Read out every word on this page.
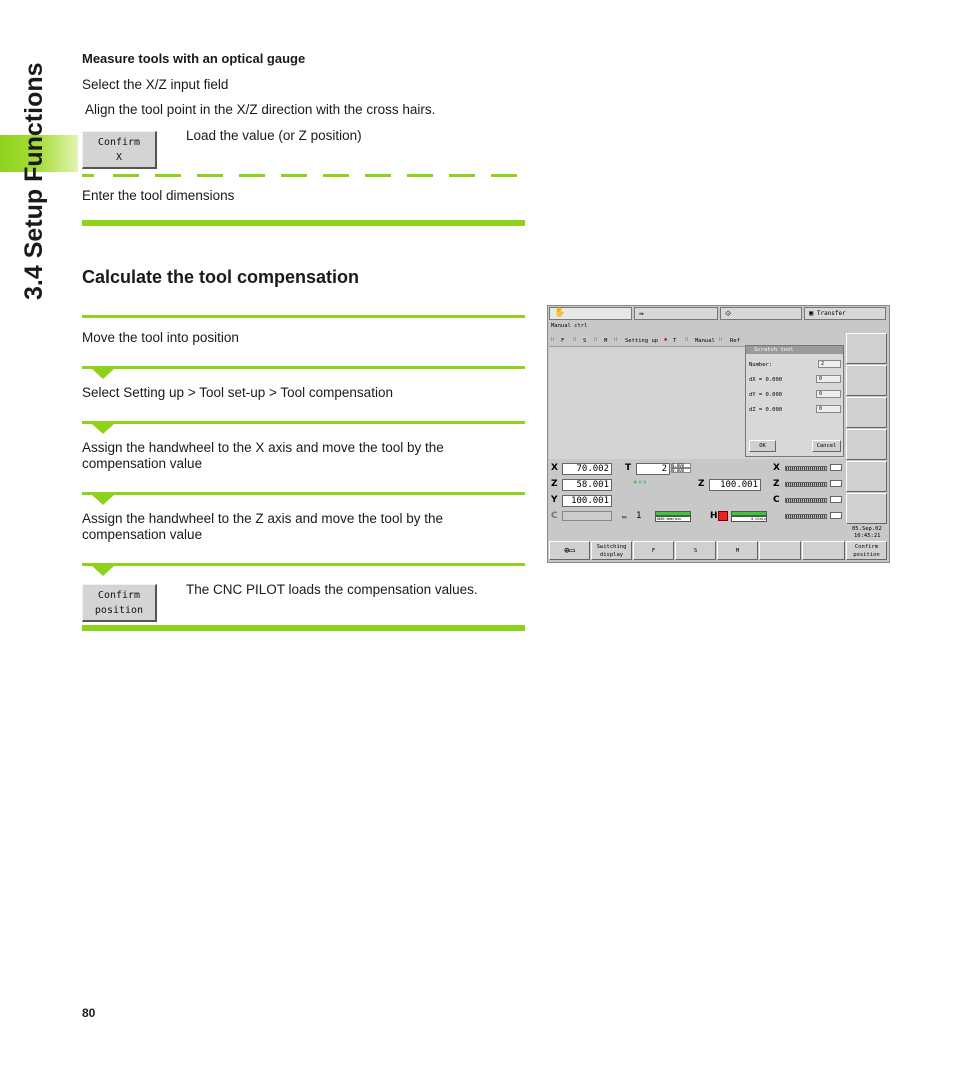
3.4 Setup Functions
Measure tools with an optical gauge
Select the X/Z input field
Align the tool point in the X/Z direction with the cross hairs.
Confirm
X
Load the value (or Z position)
Enter the tool dimensions
Calculate the tool compensation
Move the tool into position
Select Setting up > Tool set-up > Tool compensation
Assign the handwheel to the X axis and move the tool by the compensation value
Assign the handwheel to the Z axis and move the tool by the compensation value
Confirm
position
The CNC PILOT loads the compensation values.
✋	⇛	⟐	▣ Transfer
Manual ctrl
⁞⁞ F ⁞⁞ S ⁞⁞ M ⁞⁞ Setting up ✱ T ⁞⁞ Manual ⁞⁞ Ref
Scratch tool
Number:	2
dX = 0.000	0
dY = 0.000	0
dZ = 0.000	0
OK	Cancel
X	70.002
Z	58.001
Y	100.001
C
T	2	0.000
0.000
▦ ▤ ▥	Z	100.001
▭ 1	1000.0mm/min	H	0 U/min
X
Z
C
05.Sep.02
10:45:21
⊕▭	Switching display
F	S	M
Confirm position
80
